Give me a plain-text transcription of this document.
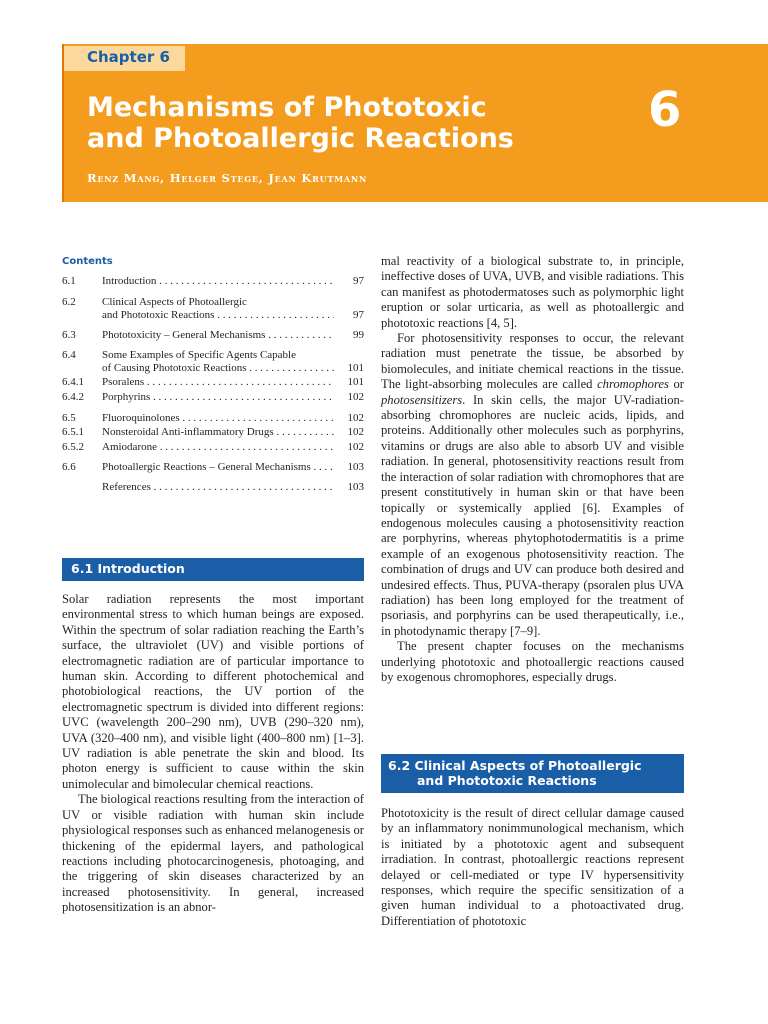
Chapter 6
Mechanisms of Phototoxic
and Photoallergic Reactions
6
Renz Mang, Helger Stege, Jean Krutmann
Contents
6.1 Introduction . . .	97
6.2 Clinical Aspects of Photoallergic
and Phototoxic Reactions . . .	97
6.3 Phototoxicity – General Mechanisms . . .	99
6.4 Some Examples of Specific Agents Capable
of Causing Phototoxic Reactions . . .	101
6.4.1 Psoralens . . .	101
6.4.2 Porphyrins . . .	102
6.5 Fluoroquinolones . . .	102
6.5.1 Nonsteroidal Anti-inflammatory Drugs . . .	102
6.5.2 Amiodarone . . .	102
6.6 Photoallergic Reactions – General Mechanisms . . .	103
References . . .	103
6.1 Introduction
6.2 Clinical Aspects of Photoallergic
and Phototoxic Reactions

mal reactivity of a biological substrate to, in principle, ineffective doses of UVA, UVB, and visible radiations. This can manifest as photodermatoses such as polymorphic light eruption or solar urticaria, as well as photoallergic and phototoxic reactions [4, 5].

For photosensitivity responses to occur, the relevant radiation must penetrate the tissue, be absorbed by biomolecules, and initiate chemical reactions in the tissue. The light-absorbing molecules are called chromophores or photosensitizers. In skin cells, the major UV-radiation-absorbing chromophores are nucleic acids, lipids, and proteins. Additionally other molecules such as porphyrins, vitamins or drugs are also able to absorb UV and visible radiation. In general, photosensitivity reactions result from the interaction of solar radiation with chromophores that are present constitutively in human skin or that have been topically or systemically applied [6]. Examples of endogenous molecules causing a photosensitivity reaction are porphyrins, whereas phytophotodermatitis is a prime example of an exogenous photosensitivity reaction. The combination of drugs and UV can produce both desired and undesired effects. Thus, PUVA-therapy (psoralen plus UVA radiation) has been long employed for the treatment of psoriasis, and porphyrins can be used therapeutically, i.e., in photodynamic therapy [7–9].

The present chapter focuses on the mechanisms underlying phototoxic and photoallergic reactions caused by exogenous chromophores, especially drugs.

Solar radiation represents the most important environmental stress to which human beings are exposed. Within the spectrum of solar radiation reaching the Earth’s surface, the ultraviolet (UV) and visible portions of electromagnetic radiation are of particular importance to human skin. According to different photochemical and photobiological reactions, the UV portion of the electromagnetic spectrum is divided into different regions: UVC (wavelength 200–290 nm), UVB (290–320 nm), UVA (320–400 nm), and visible light (400–800 nm) [1–3]. UV radiation is able penetrate the skin and blood. Its photon energy is sufficient to cause within the skin unimolecular and bimolecular chemical reactions.

The biological reactions resulting from the interaction of UV or visible radiation with human skin include physiological responses such as enhanced melanogenesis or thickening of the epidermal layers, and pathological reactions including photocarcinogenesis, photoaging, and the triggering of skin diseases characterized by an increased photosensitivity. In general, increased photosensitization is an abnor-

Phototoxicity is the result of direct cellular damage caused by an inflammatory nonimmunological mechanism, which is initiated by a phototoxic agent and subsequent irradiation. In contrast, photoallergic reactions represent delayed or cell-mediated or type IV hypersensitivity responses, which require the specific sensitization of a given human individual to a photoactivated drug. Differentiation of phototoxic
